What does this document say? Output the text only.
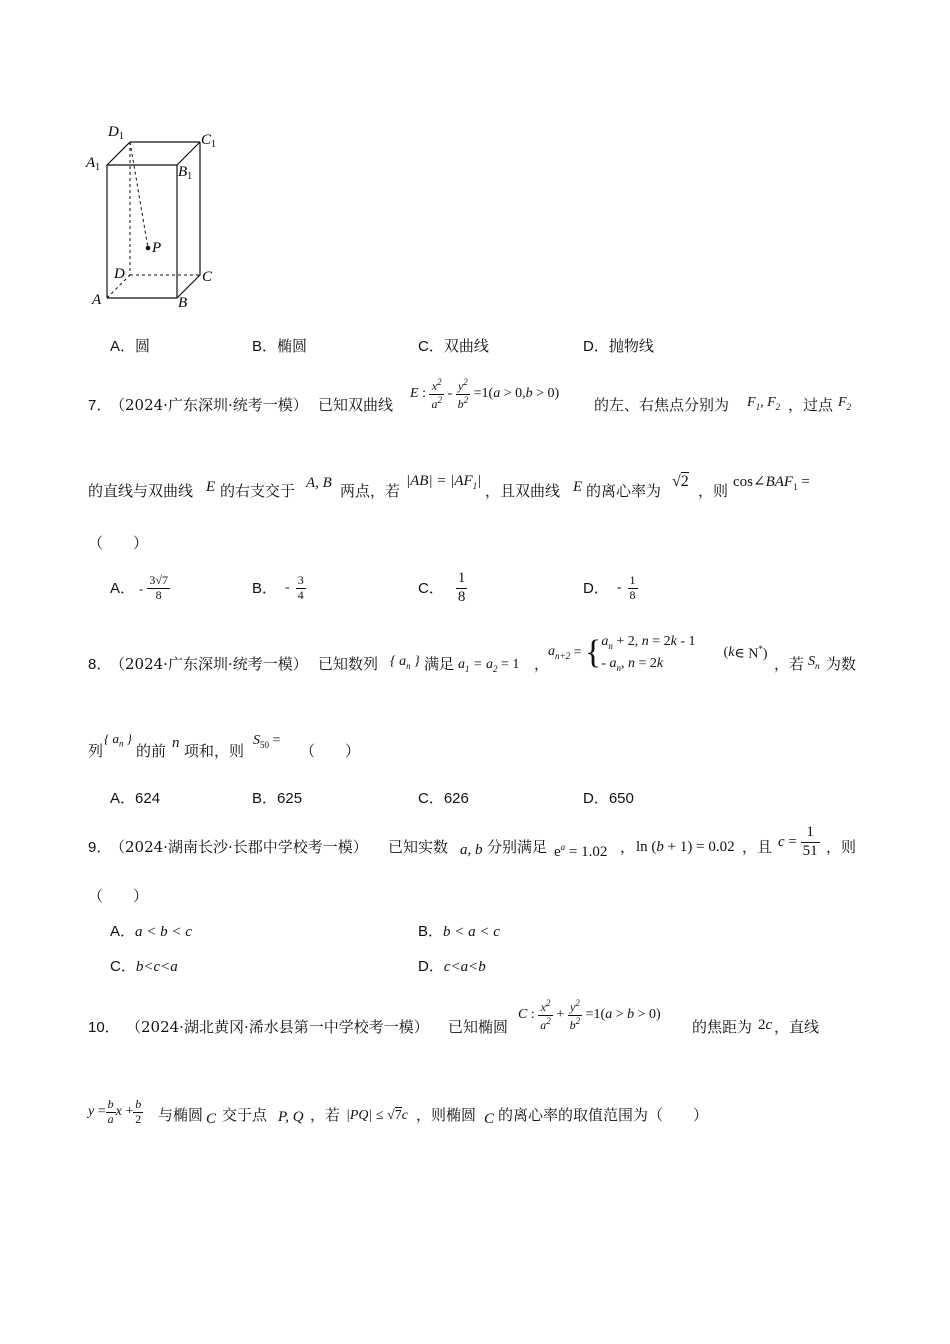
$D_1$	$C_1$
$A_1$	$B_1$
P
D	C
A	B
A．圆	B．椭圆	C．双曲线	D．抛物线
7．
（2024·广东深圳·统考一模） 已知双曲线
E : $\frac{x^2}{a^2} - \frac{y^2}{b^2} =1$( a > 0, b > 0)
的左、右焦点分别为 $F_1$, $F_2$ ，过点 $F_2$
的直线与双曲线 E 的右支交于 A, B 两点，若
$|AB| = |AF_1|$
，且双曲线 E 的离心率为
√2
，则 $\cos\angle BAF_1$ =
（　　）
A． - $\frac{3√7}{8}$	B． - $\frac{3}{4}$	C． $\frac{1}{8}$	D． - $\frac{1}{8}$
8．
（2024·广东深圳·统考一模） 已知数列 { $a_n$ } 满足 $a_1 = a_2 = 1$ ，
$a_{n+2}$ = { $a_n + 2$, n = 2k - 1
- $a_n$, n = 2k
( k ∈ N*)
，若 $S_n$ 为数
列
{ $a_n$ }
的前 n 项和，则
$S_{50}$ =
（　　）
A．624	B．625	C．626	D．650
9．
（2024·湖南长沙·长郡中学校考一模） 已知实数 a, b 分别满足 $e^a = 1.02$ ， ln (b + 1) = 0.02 ，且 $c = \frac{1}{51}$ ，则
（　　）
A．a < b < c	B．b < a < c
C．b<c<a	D．c<a<b
10． （2024·湖北黄冈·浠水县第一中学校考一模） 已知椭圆
C : $\frac{x^2}{a^2} + \frac{y^2}{b^2} =1$( a > b > 0)
的焦距为 2c ，直线
$y = \frac{b}{a}$ $x + \frac{b}{2}$ 与椭圆 C 交于点 P, Q ，若 |PQ| ≤ √7c ，则椭圆 C 的离心率的取值范围为（　　）
